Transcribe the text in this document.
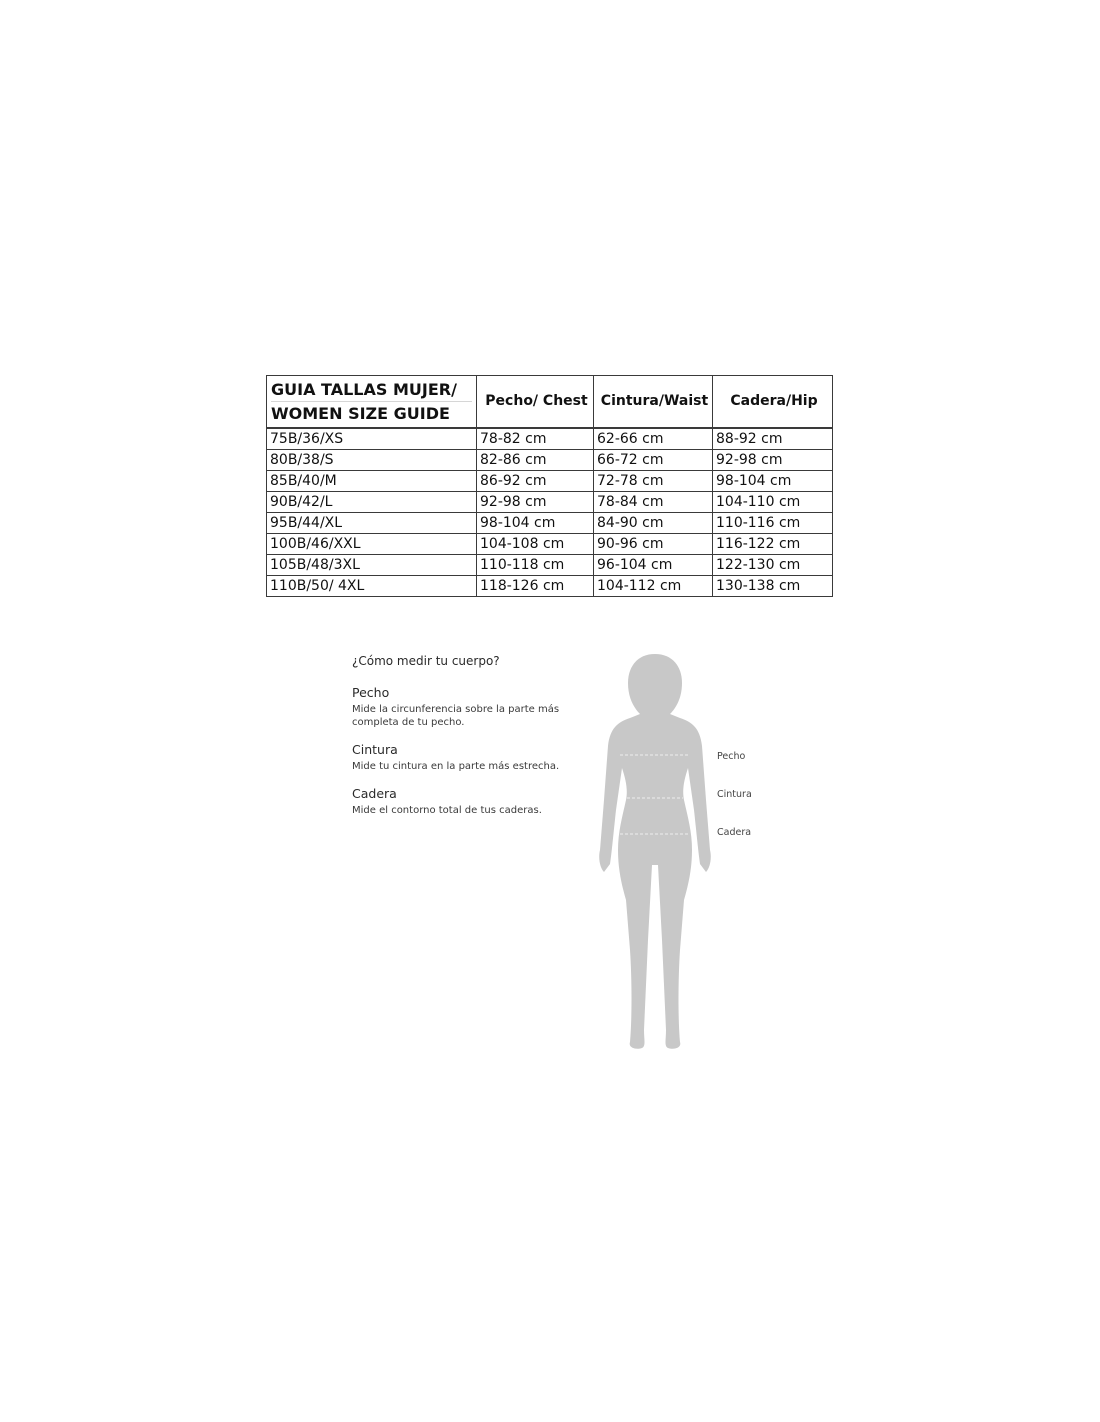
GUIA TALLAS MUJER/
WOMEN SIZE GUIDE	Pecho/ Chest	Cintura/Waist	Cadera/Hip
75B/36/XS	78-82 cm	62-66 cm	88-92 cm
80B/38/S	82-86 cm	66-72 cm	92-98 cm
85B/40/M	86-92 cm	72-78 cm	98-104 cm
90B/42/L	92-98 cm	78-84 cm	104-110 cm
95B/44/XL	98-104 cm	84-90 cm	110-116 cm
100B/46/XXL	104-108 cm	90-96 cm	116-122 cm
105B/48/3XL	110-118 cm	96-104 cm	122-130 cm
110B/50/ 4XL	118-126 cm	104-112 cm	130-138 cm

¿Cómo medir tu cuerpo?

Pecho

Mide la circunferencia sobre la parte más
completa de tu pecho.

Cintura

Mide tu cintura en la parte más estrecha.

Cadera

Mide el contorno total de tus caderas.

Pecho
Cintura
Cadera
